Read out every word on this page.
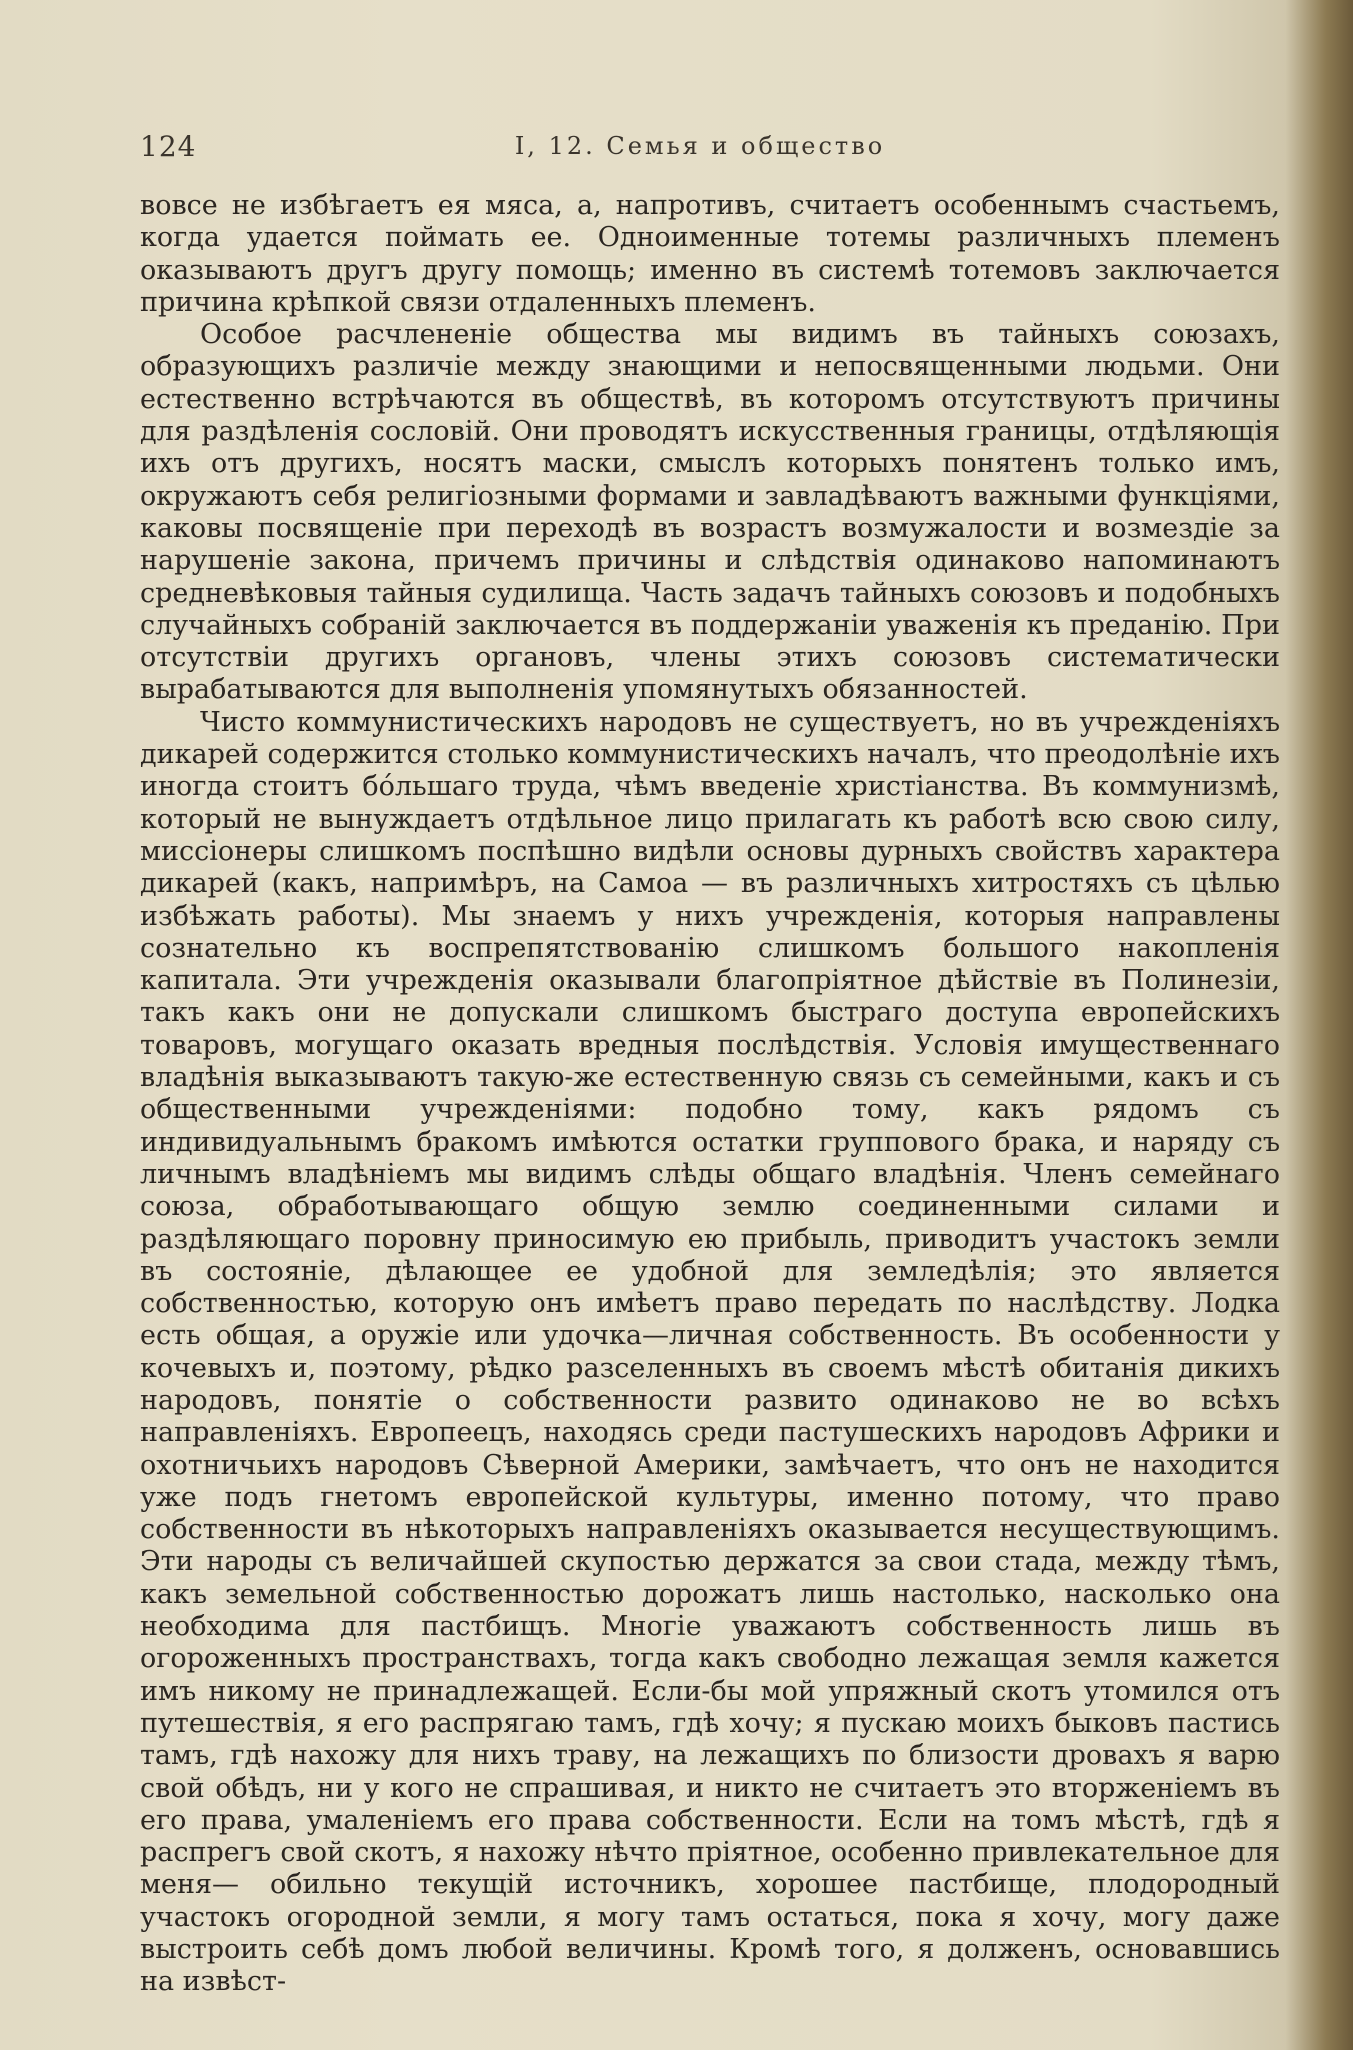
124	I, 12. Семья и общество

вовсе не избѣгаетъ ея мяса, а, напротивъ, считаетъ особеннымъ счастьемъ, когда удается поймать ее. Одноименные тотемы различныхъ племенъ оказываютъ другъ другу помощь; именно въ системѣ тотемовъ заключается причина крѣпкой связи отдаленныхъ племенъ.

Особое расчлененіе общества мы видимъ въ тайныхъ союзахъ, образующихъ различіе между знающими и непосвященными людьми. Они естественно встрѣчаются въ обществѣ, въ которомъ отсутствуютъ причины для раздѣленія сословій. Они проводятъ искусственныя границы, отдѣляющія ихъ отъ другихъ, носятъ маски, смыслъ которыхъ понятенъ только имъ, окружаютъ себя религіозными формами и завладѣваютъ важными функціями, каковы посвященіе при переходѣ въ возрастъ возмужалости и возмездіе за нарушеніе закона, причемъ причины и слѣдствія одинаково напоминаютъ средневѣковыя тайныя судилища. Часть задачъ тайныхъ союзовъ и подобныхъ случайныхъ собраній заключается въ поддержаніи уваженія къ преданію. При отсутствіи другихъ органовъ, члены этихъ союзовъ систематически вырабатываются для выполненія упомянутыхъ обязанностей.

Чисто коммунистическихъ народовъ не существуетъ, но въ учрежденіяхъ дикарей содержится столько коммунистическихъ началъ, что преодолѣніе ихъ иногда стоитъ бо́льшаго труда, чѣмъ введеніе христіанства. Въ коммунизмѣ, который не вынуждаетъ отдѣльное лицо прилагать къ работѣ всю свою силу, миссіонеры слишкомъ поспѣшно видѣли основы дурныхъ свойствъ характера дикарей (какъ, напримѣръ, на Самоа — въ различныхъ хитростяхъ съ цѣлью избѣжать работы). Мы знаемъ у нихъ учрежденія, которыя направлены сознательно къ воспрепятствованію слишкомъ большого накопленія капитала. Эти учрежденія оказывали благопріятное дѣйствіе въ Полинезіи, такъ какъ они не допускали слишкомъ быстраго доступа европейскихъ товаровъ, могущаго оказать вредныя послѣдствія. Условія имущественнаго владѣнія выказываютъ такую-же естественную связь съ семейными, какъ и съ общественными учрежденіями: подобно тому, какъ рядомъ съ индивидуальнымъ бракомъ имѣются остатки группового брака, и наряду съ личнымъ владѣніемъ мы видимъ слѣды общаго владѣнія. Членъ семейнаго союза, обработывающаго общую землю соединенными силами и раздѣляющаго поровну приносимую ею прибыль, приводитъ участокъ земли въ состояніе, дѣлающее ее удобной для земледѣлія; это является собственностью, которую онъ имѣетъ право передать по наслѣдству. Лодка есть общая, а оружіе или удочка—личная собственность. Въ особенности у кочевыхъ и, поэтому, рѣдко разселенныхъ въ своемъ мѣстѣ обитанія дикихъ народовъ, понятіе о собственности развито одинаково не во всѣхъ направленіяхъ. Европеецъ, находясь среди пастушескихъ народовъ Африки и охотничьихъ народовъ Сѣверной Америки, замѣчаетъ, что онъ не находится уже подъ гнетомъ европейской культуры, именно потому, что право собственности въ нѣкоторыхъ направленіяхъ оказывается несуществующимъ. Эти народы съ величайшей скупостью держатся за свои стада, между тѣмъ, какъ земельной собственностью дорожатъ лишь настолько, насколько она необходима для пастбищъ. Многіе уважаютъ собственность лишь въ огороженныхъ пространствахъ, тогда какъ свободно лежащая земля кажется имъ никому не принадлежащей. Если-бы мой упряжный скотъ утомился отъ путешествія, я его распрягаю тамъ, гдѣ хочу; я пускаю моихъ быковъ пастись тамъ, гдѣ нахожу для нихъ траву, на лежащихъ по близости дровахъ я варю свой обѣдъ, ни у кого не спрашивая, и никто не считаетъ это вторженіемъ въ его права, умаленіемъ его права собственности. Если на томъ мѣстѣ, гдѣ я распрегъ свой скотъ, я нахожу нѣчто пріятное, особенно привлекательное для меня— обильно текущій источникъ, хорошее пастбище, плодородный участокъ огородной земли, я могу тамъ остаться, пока я хочу, могу даже выстроить себѣ домъ любой величины. Кромѣ того, я долженъ, основавшись на извѣст-
